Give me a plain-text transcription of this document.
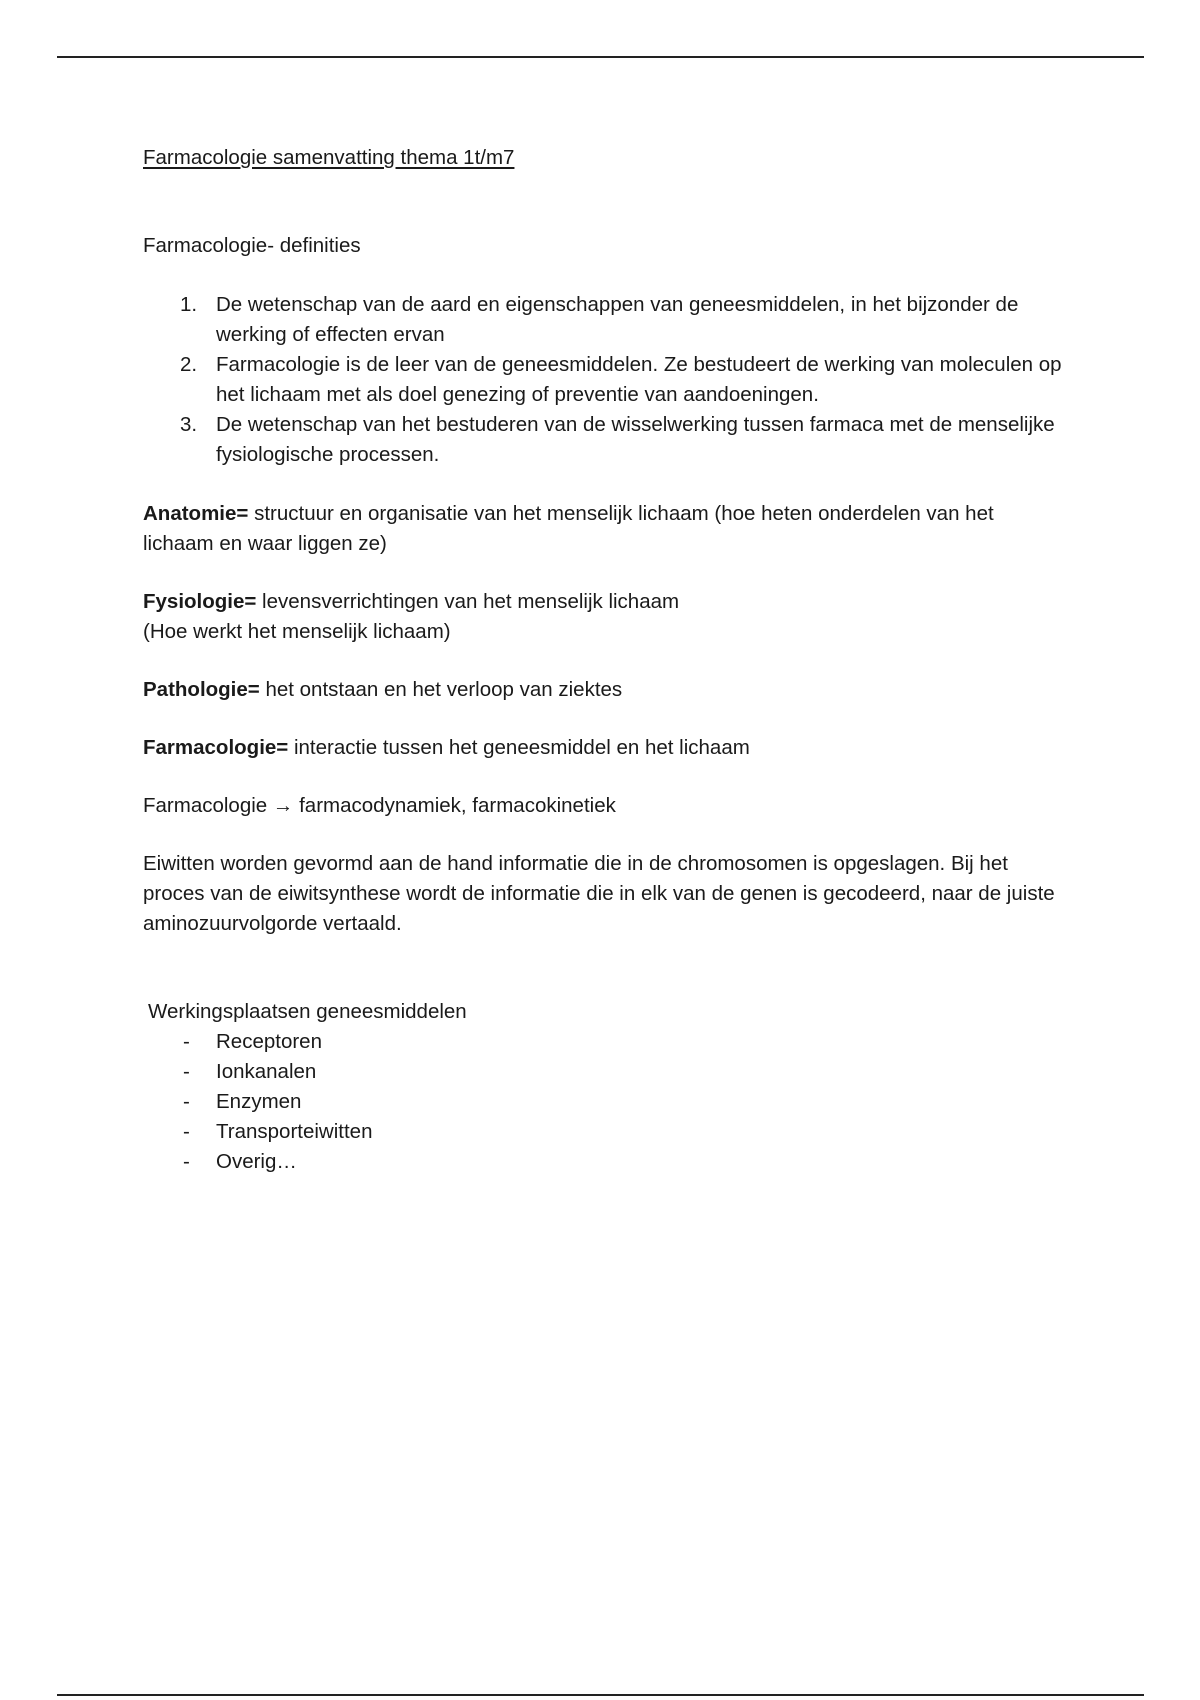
Farmacologie samenvatting thema 1t/m7

Farmacologie- definities

1. De wetenschap van de aard en eigenschappen van geneesmiddelen, in het bijzonder de werking of effecten ervan
2. Farmacologie is de leer van de geneesmiddelen. Ze bestudeert de werking van moleculen op het lichaam met als doel genezing of preventie van aandoeningen.
3. De wetenschap van het bestuderen van de wisselwerking tussen farmaca met de menselijke fysiologische processen.

Anatomie= structuur en organisatie van het menselijk lichaam (hoe heten onderdelen van het lichaam en waar liggen ze)

Fysiologie= levensverrichtingen van het menselijk lichaam

(Hoe werkt het menselijk lichaam)

Pathologie= het ontstaan en het verloop van ziektes

Farmacologie= interactie tussen het geneesmiddel en het lichaam

Farmacologie → farmacodynamiek, farmacokinetiek

Eiwitten worden gevormd aan de hand informatie die in de chromosomen is opgeslagen. Bij het proces van de eiwitsynthese wordt de informatie die in elk van de genen is gecodeerd, naar de juiste aminozuurvolgorde vertaald.

Werkingsplaatsen geneesmiddelen

- Receptoren
- Ionkanalen
- Enzymen
- Transporteiwitten
- Overig…
